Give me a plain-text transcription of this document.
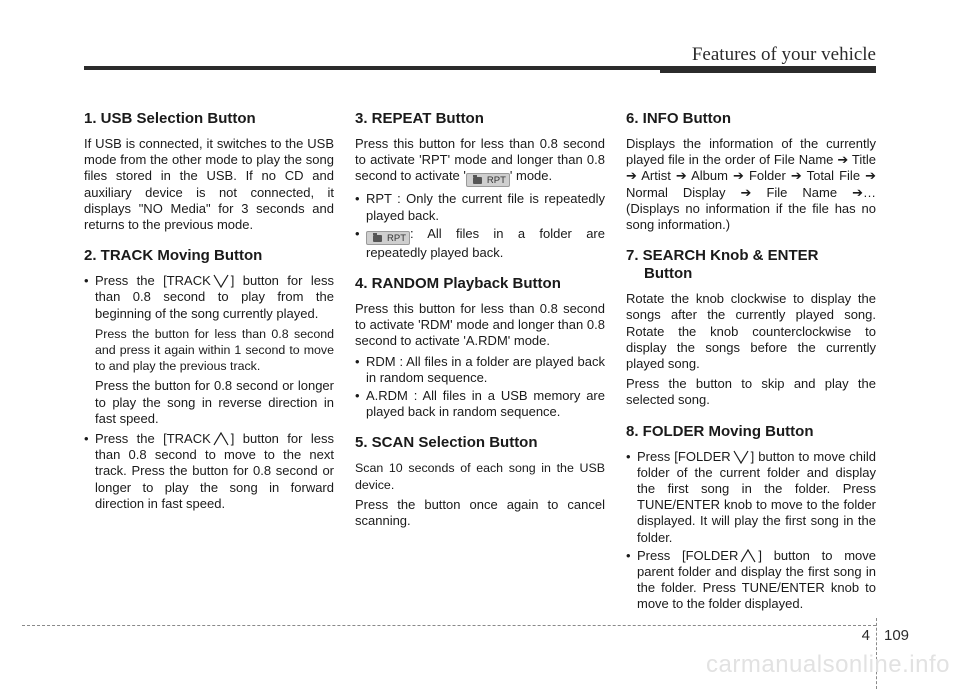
Features of your vehicle
1. USB Selection Button

If USB is connected, it switches to the USB mode from the other mode to play the song files stored in the USB. If no CD and auxiliary device is not connected, it displays "NO Media" for 3 seconds and returns to the previous mode.

2. TRACK Moving Button
• Press the [TRACK ] button for less than 0.8 second to play from the beginning of the song currently played.

Press the button for less than 0.8 second and press it again within 1 second to move to and play the previous track.

Press the button for 0.8 second or longer to play the song in reverse direction in fast speed.

• Press the [TRACK ] button for less than 0.8 second to move to the next track. Press the button for 0.8 second or longer to play the song in forward direction in fast speed.
3. REPEAT Button

Press this button for less than 0.8 second to activate 'RPT' mode and longer than 0.8 second to activate ' RPT ' mode.

• RPT : Only the current file is repeatedly played back.
•
RPT : All files in a folder are repeatedly played back.
4. RANDOM Playback Button

Press this button for less than 0.8 second to activate 'RDM' mode and longer than 0.8 second to activate 'A.RDM' mode.

• RDM : All files in a folder are played back in random sequence.
• A.RDM : All files in a USB memory are played back in random sequence.
5. SCAN Selection Button

Scan 10 seconds of each song in the USB device.

Press the button once again to cancel scanning.

6. INFO Button

Displays the information of the currently played file in the order of File Name ➔ Title ➔ Artist ➔ Album ➔ Folder ➔ Total File ➔ Normal Display ➔ File Name ➔… (Displays no information if the file has no song information.)

7. SEARCH Knob & ENTER
Button

Rotate the knob clockwise to display the songs after the currently played song. Rotate the knob counterclockwise to display the songs before the currently played song.

Press the button to skip and play the selected song.

8. FOLDER Moving Button
• Press [FOLDER ] button to move child folder of the current folder and display the first song in the folder. Press TUNE/ENTER knob to move to the folder displayed. It will play the first song in the folder.
• Press [FOLDER ] button to move parent folder and display the first song in the folder. Press TUNE/ENTER knob to move to the folder displayed.
4 109
carmanualsonline.info
